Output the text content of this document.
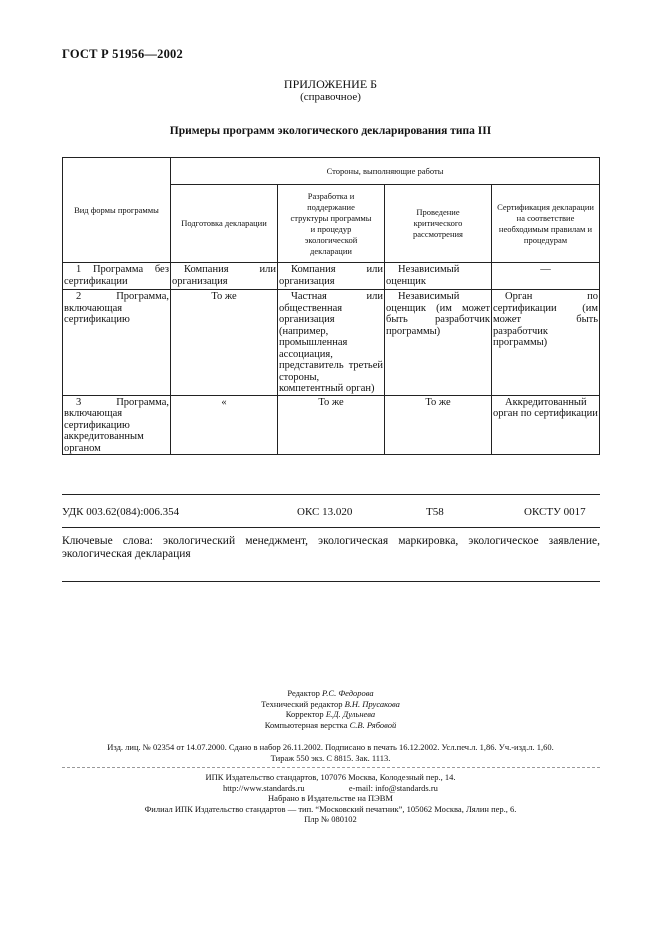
ГОСТ Р 51956—2002
ПРИЛОЖЕНИЕ Б
(справочное)
Примеры программ экологического декларирования типа III
Вид формы программы	Стороны, выполняющие работы			
	Подготовка декларации	Разработка и поддержание структуры программы и процедур экологической декларации	Проведение критического рассмотрения	Сертификация декларации на соответствие необходимым правилам и процедурам
1 Программа без сертификации	Компания или организация	Компания или организация	Независимый оценщик	—
2 Программа, включающая сертификацию	То же	Частная или общественная организация (например, промышленная ассоциация, представитель третьей стороны, компетентный орган)	Независимый оценщик (им может быть разработчик программы)	Орган по сертификации (им может быть разработчик программы)
3 Программа, включающая сертификацию аккредитованным органом	«	То же	То же	Аккредитованный орган по сертификации
УДК 003.62(084):006.354	ОКС 13.020	Т58	ОКСТУ 0017
Ключевые слова: экологический менеджмент, экологическая маркировка, экологическое заявление, экологическая декларация
Редактор Р.С. Федорова
Технический редактор В.Н. Прусакова
Корректор Е.Д. Дульнева
Компьютерная верстка С.В. Рябовой
Изд. лиц. № 02354 от 14.07.2000. Сдано в набор 26.11.2002. Подписано в печать 16.12.2002. Усл.печ.л. 1,86. Уч.-изд.л. 1,60.
Тираж 550 экз. С 8815. Зак. 1113.
ИПК Издательство стандартов, 107076 Москва, Колодезный пер., 14.
http://www.standards.ru	e-mail: info@standards.ru
Набрано в Издательстве на ПЭВМ
Филиал ИПК Издательство стандартов — тип. “Московский печатник”, 105062 Москва, Лялин пер., 6.
Плр № 080102
